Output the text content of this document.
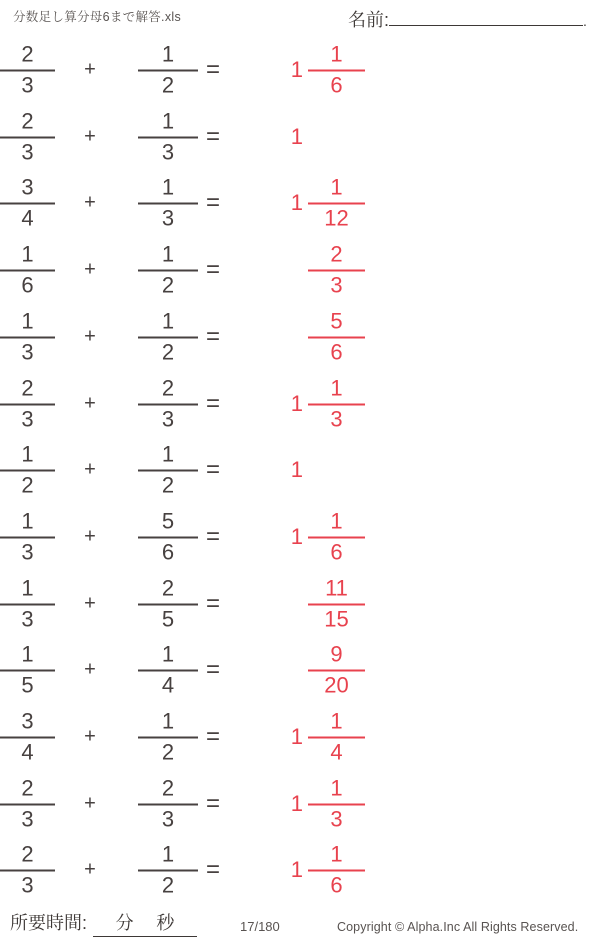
分数足し算分母6まで解答.xls	名前:	.
$\frac{2}{3}$	+ $\frac{1}{2}$ =	$1 \frac{1}{6}$
$\frac{2}{3}$	+ $\frac{1}{3}$ =	1
$\frac{3}{4}$	+ $\frac{1}{3}$ =	$1 \frac{1}{12}$
$\frac{1}{6}$	+ $\frac{1}{2}$ =	$\frac{2}{3}$
$\frac{1}{3}$	+ $\frac{1}{2}$ =	$\frac{5}{6}$
$\frac{2}{3}$	+ $\frac{2}{3}$ =	$1 \frac{1}{3}$
$\frac{1}{2}$	+ $\frac{1}{2}$ =	1
$\frac{1}{3}$	+ $\frac{5}{6}$ =	$1 \frac{1}{6}$
$\frac{1}{3}$	+ $\frac{2}{5}$ =	$\frac{11}{15}$
$\frac{1}{5}$	+ $\frac{1}{4}$ =	$\frac{9}{20}$
$\frac{3}{4}$	+ $\frac{1}{2}$ =	$1 \frac{1}{4}$
$\frac{2}{3}$	+ $\frac{2}{3}$ =	$1 \frac{1}{3}$
$\frac{2}{3}$	+ $\frac{1}{2}$ =	$1 \frac{1}{6}$
所要時間: 分 秒	17/180	Copyright © Alpha.Inc All Rights Reserved.
